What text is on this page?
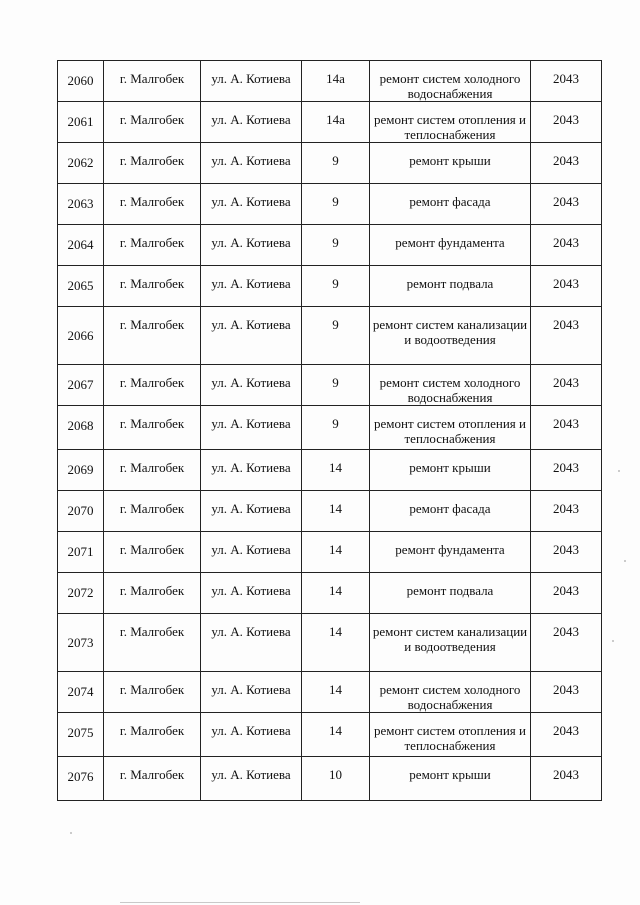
2060	г. Малгобек	ул. А. Котиева	14а	ремонт систем холодного водоснабжения	2043
2061	г. Малгобек	ул. А. Котиева	14а	ремонт систем отопления и теплоснабжения	2043
2062	г. Малгобек	ул. А. Котиева	9	ремонт крыши	2043
2063	г. Малгобек	ул. А. Котиева	9	ремонт фасада	2043
2064	г. Малгобек	ул. А. Котиева	9	ремонт фундамента	2043
2065	г. Малгобек	ул. А. Котиева	9	ремонт подвала	2043
2066	г. Малгобек	ул. А. Котиева	9	ремонт систем канализации и водоотведения	2043
2067	г. Малгобек	ул. А. Котиева	9	ремонт систем холодного водоснабжения	2043
2068	г. Малгобек	ул. А. Котиева	9	ремонт систем отопления и теплоснабжения	2043
2069	г. Малгобек	ул. А. Котиева	14	ремонт крыши	2043
2070	г. Малгобек	ул. А. Котиева	14	ремонт фасада	2043
2071	г. Малгобек	ул. А. Котиева	14	ремонт фундамента	2043
2072	г. Малгобек	ул. А. Котиева	14	ремонт подвала	2043
2073	г. Малгобек	ул. А. Котиева	14	ремонт систем канализации и водоотведения	2043
2074	г. Малгобек	ул. А. Котиева	14	ремонт систем холодного водоснабжения	2043
2075	г. Малгобек	ул. А. Котиева	14	ремонт систем отопления и теплоснабжения	2043
2076	г. Малгобек	ул. А. Котиева	10	ремонт крыши	2043
